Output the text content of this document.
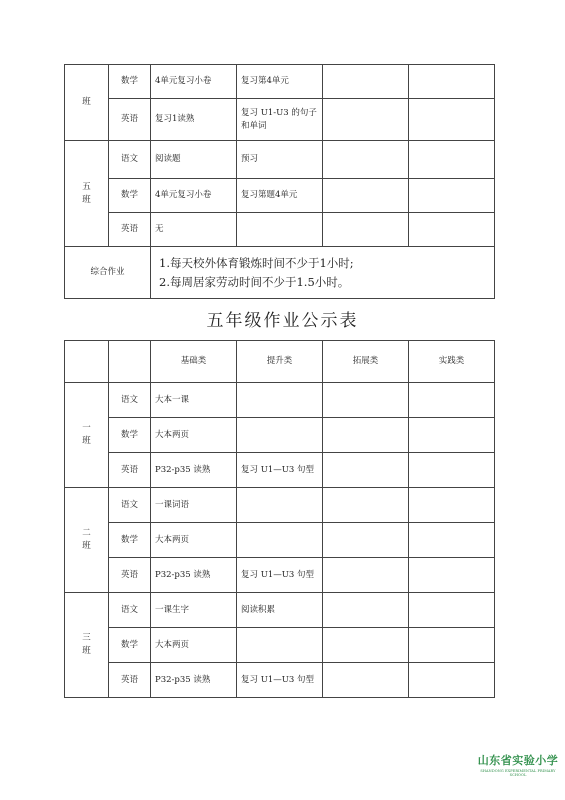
班	数学	4单元复习小卷	复习第4单元		
	英语	复习1读熟	复习 U1-U3 的句子和单词		
五
班	语文	阅读题	预习		
	数学	4单元复习小卷	复习第题4单元		
	英语	无			
综合作业		1.每天校外体育锻炼时间不少于1小时;
2.每周居家劳动时间不少于1.5小时。			
五年级作业公示表
		基础类	提升类	拓展类	实践类
一
班	语文	大本一课			
	数学	大本两页			
	英语	P32-p35 读熟	复习 U1—U3 句型		
二
班	语文	一课词语			
	数学	大本两页			
	英语	P32-p35 读熟	复习 U1—U3 句型		
三
班	语文	一课生字	阅读积累		
	数学	大本两页			
	英语	P32-p35 读熟	复习 U1—U3 句型		
山东省实验小学
SHANDONG EXPERIMENTAL PRIMARY SCHOOL
